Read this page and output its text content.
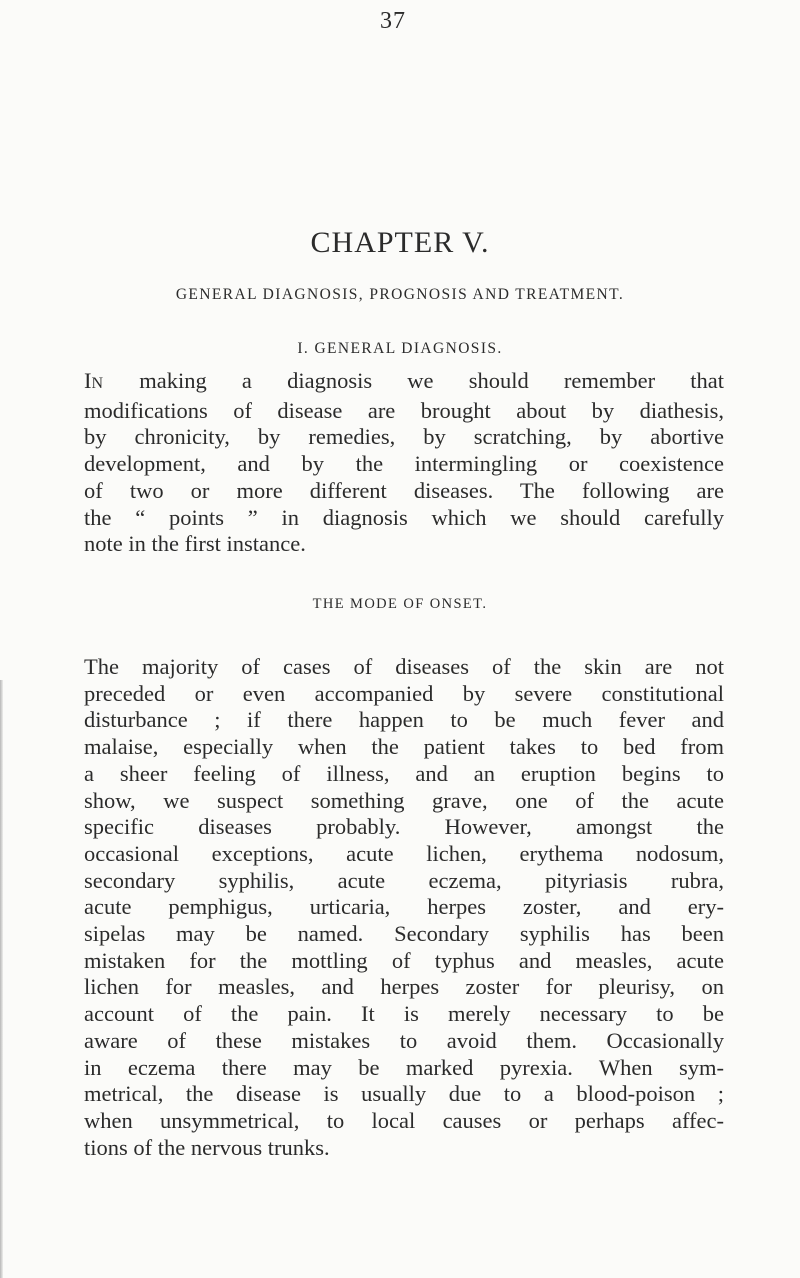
37
CHAPTER V.
GENERAL DIAGNOSIS, PROGNOSIS AND TREATMENT.
I. GENERAL DIAGNOSIS.
IN making a diagnosis we should remember that
modifications of disease are brought about by diathesis,
by chronicity, by remedies, by scratching, by abortive
development, and by the intermingling or coexistence
of two or more different diseases. The following are
the “ points ” in diagnosis which we should carefully
note in the first instance.
THE MODE OF ONSET.
The majority of cases of diseases of the skin are not
preceded or even accompanied by severe constitutional
disturbance ; if there happen to be much fever and
malaise, especially when the patient takes to bed from
a sheer feeling of illness, and an eruption begins to
show, we suspect something grave, one of the acute
specific diseases probably. However, amongst the
occasional exceptions, acute lichen, erythema nodosum,
secondary syphilis, acute eczema, pityriasis rubra,
acute pemphigus, urticaria, herpes zoster, and ery-
sipelas may be named. Secondary syphilis has been
mistaken for the mottling of typhus and measles, acute
lichen for measles, and herpes zoster for pleurisy, on
account of the pain. It is merely necessary to be
aware of these mistakes to avoid them. Occasionally
in eczema there may be marked pyrexia. When sym-
metrical, the disease is usually due to a blood-poison ;
when unsymmetrical, to local causes or perhaps affec-
tions of the nervous trunks.
